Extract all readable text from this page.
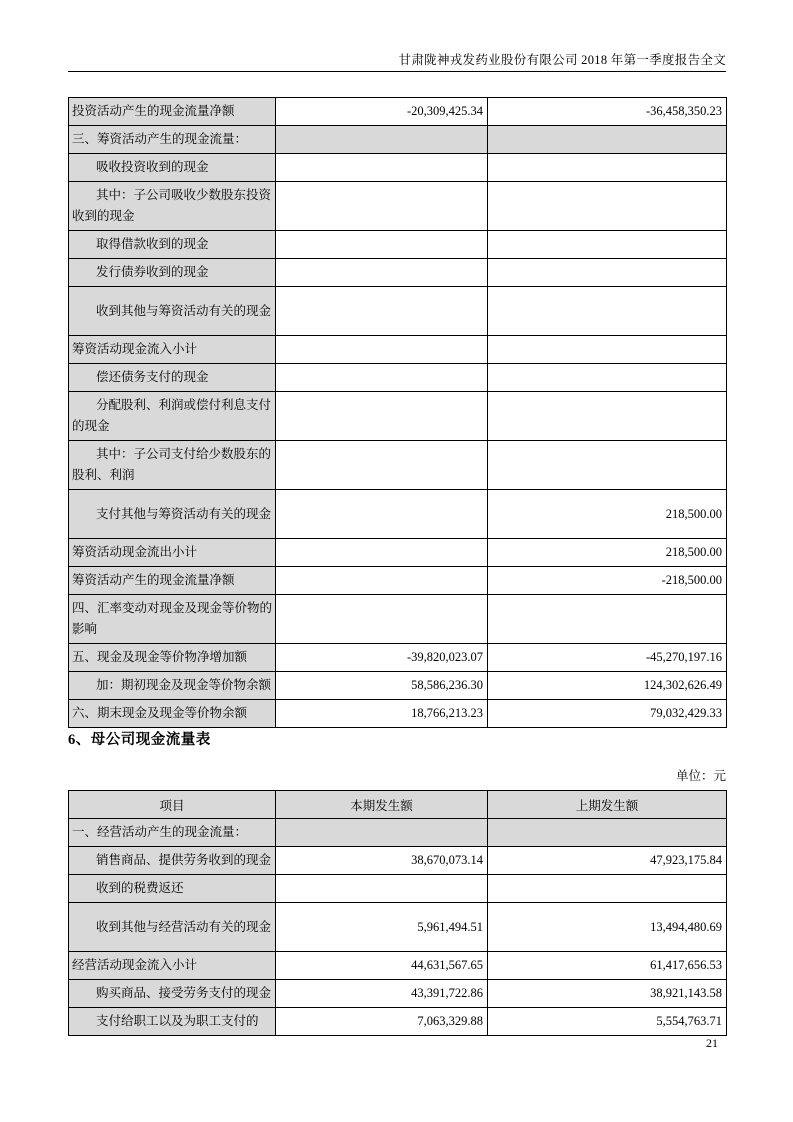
甘肃陇神戎发药业股份有限公司 2018 年第一季度报告全文
投资活动产生的现金流量净额	-20,309,425.34	-36,458,350.23
三、筹资活动产生的现金流量：		
吸收投资收到的现金		
其中：子公司吸收少数股东投资收到的现金		
取得借款收到的现金		
发行债券收到的现金		
收到其他与筹资活动有关的现金		
筹资活动现金流入小计		
偿还债务支付的现金		
分配股利、利润或偿付利息支付的现金		
其中：子公司支付给少数股东的股利、利润		
支付其他与筹资活动有关的现金		218,500.00
筹资活动现金流出小计		218,500.00
筹资活动产生的现金流量净额		-218,500.00
四、汇率变动对现金及现金等价物的影响		
五、现金及现金等价物净增加额	-39,820,023.07	-45,270,197.16
加：期初现金及现金等价物余额	58,586,236.30	124,302,626.49
六、期末现金及现金等价物余额	18,766,213.23	79,032,429.33
6、母公司现金流量表
单位：元
项目	本期发生额	上期发生额
一、经营活动产生的现金流量：		
销售商品、提供劳务收到的现金	38,670,073.14	47,923,175.84
收到的税费返还		
收到其他与经营活动有关的现金	5,961,494.51	13,494,480.69
经营活动现金流入小计	44,631,567.65	61,417,656.53
购买商品、接受劳务支付的现金	43,391,722.86	38,921,143.58
支付给职工以及为职工支付的	7,063,329.88	5,554,763.71
21
